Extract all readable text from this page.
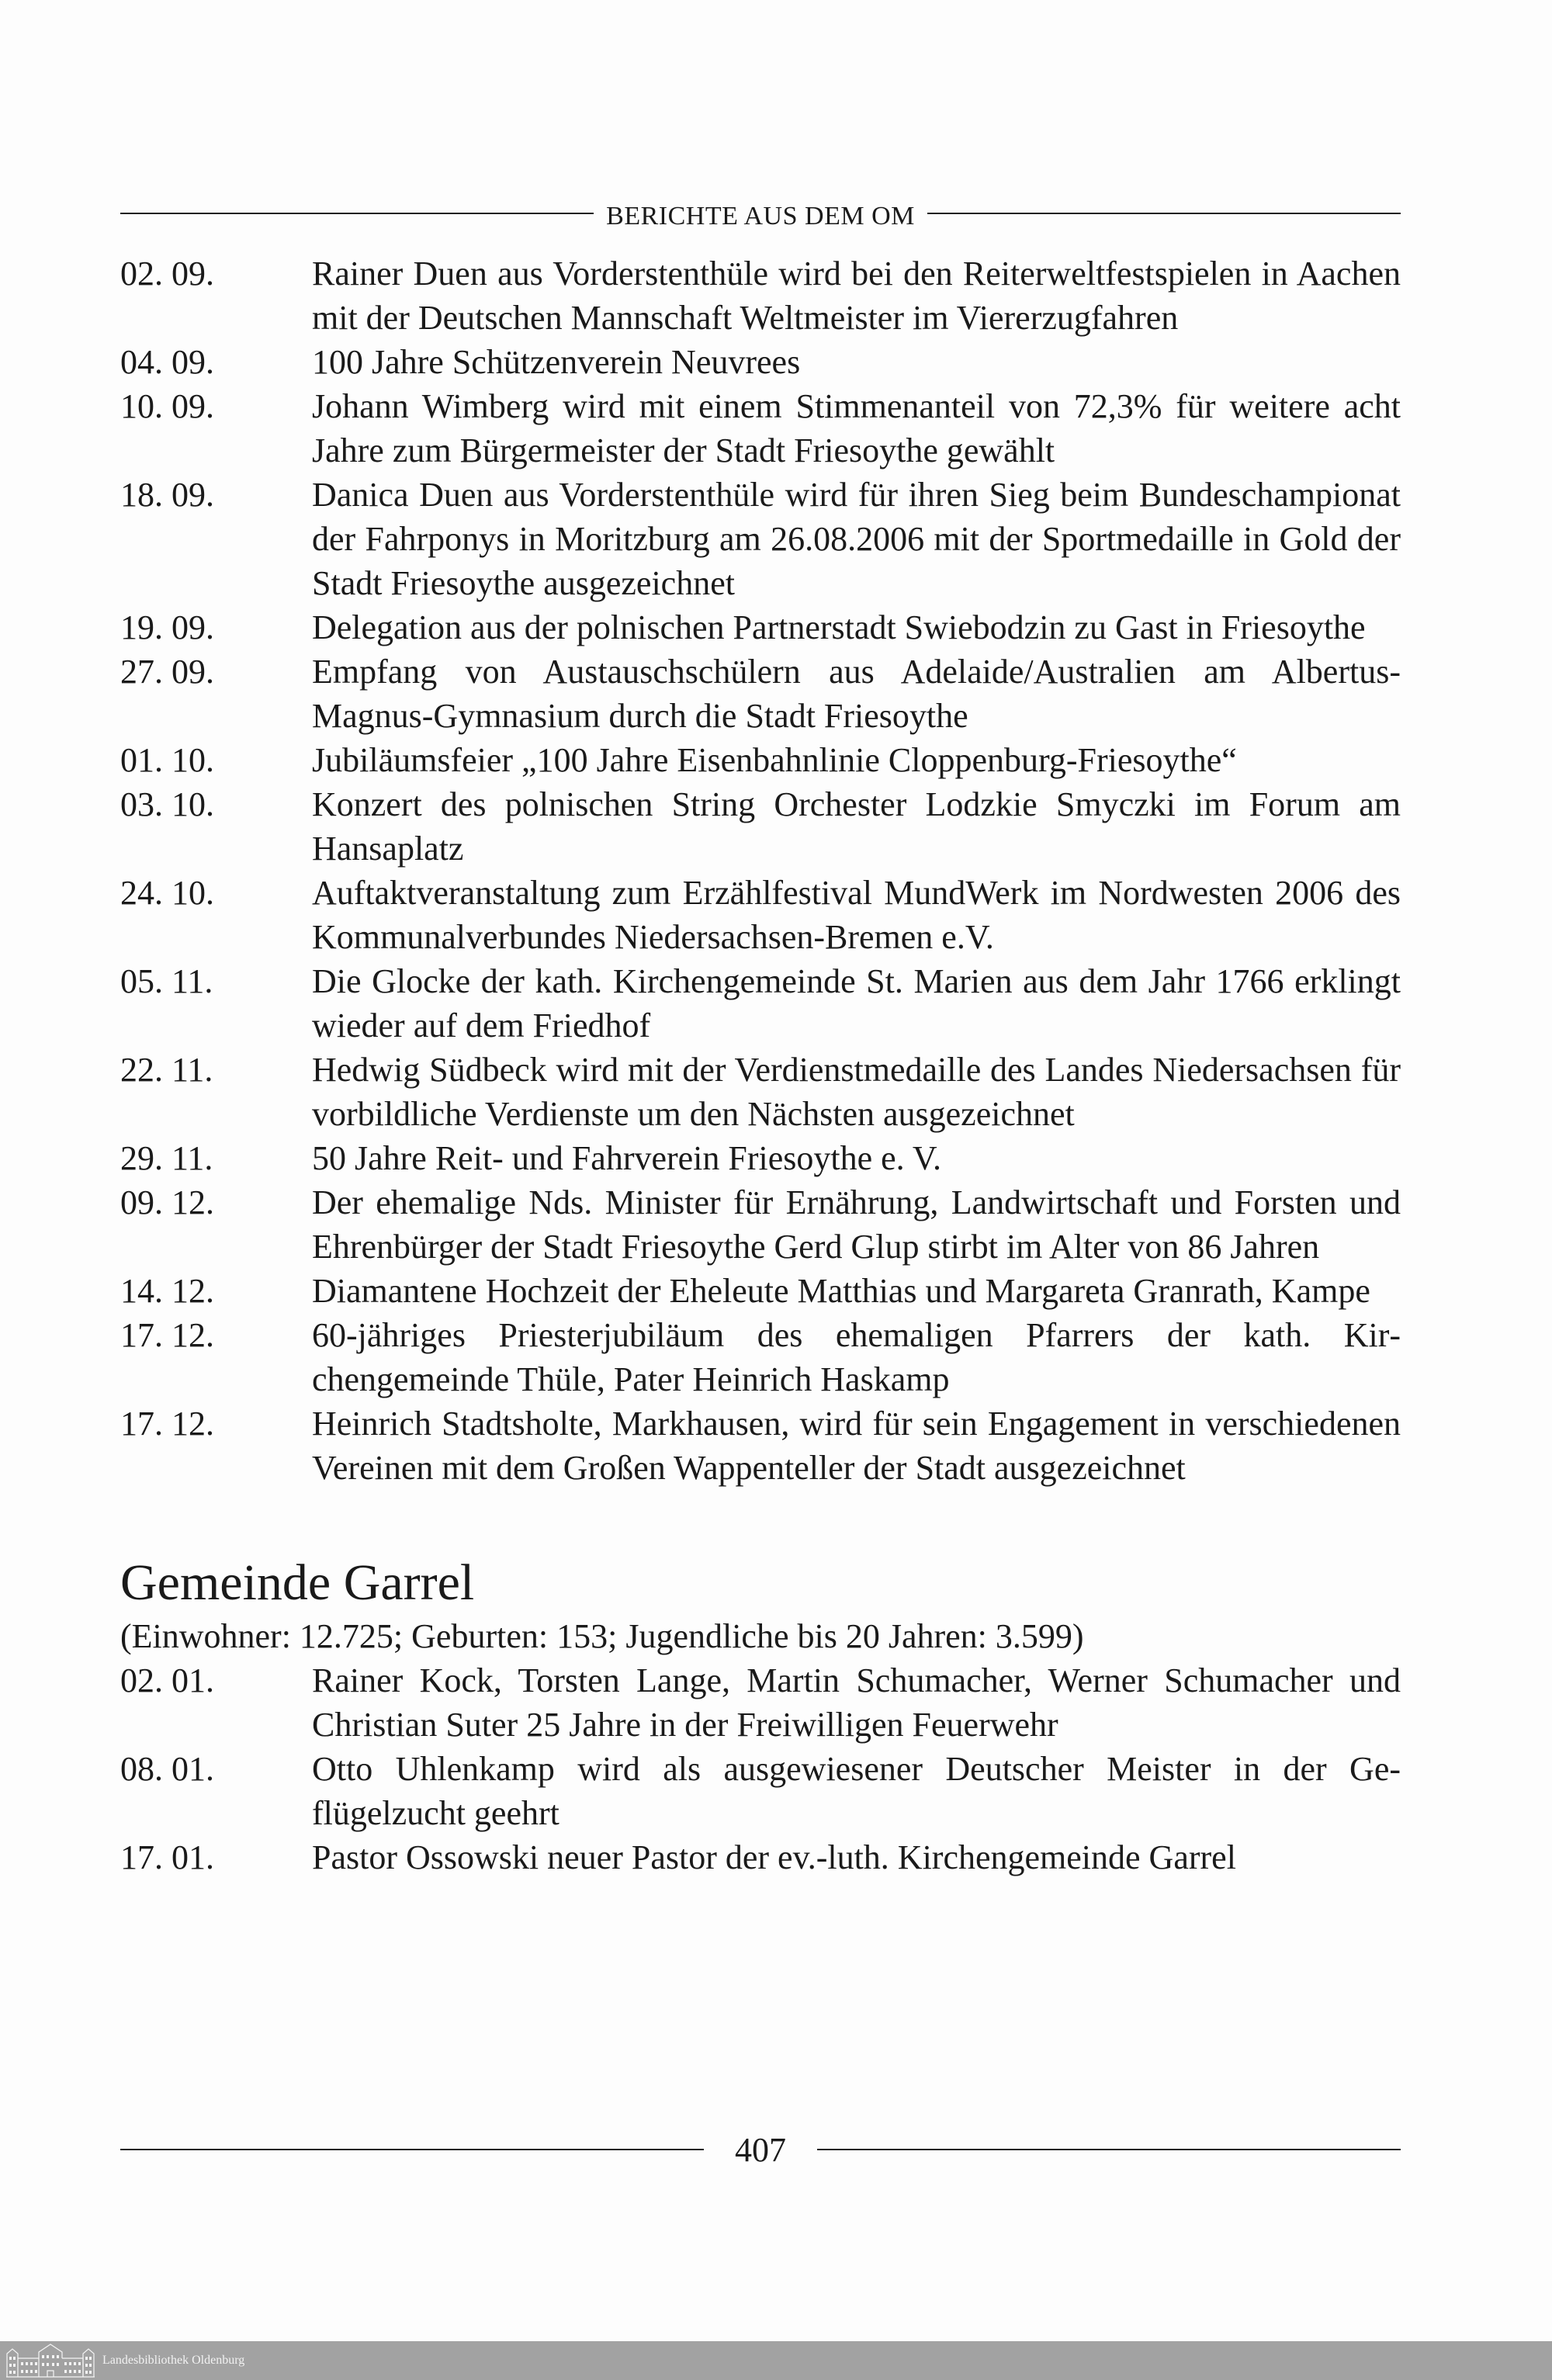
BERICHTE AUS DEM OM
02. 09.	Rainer Duen aus Vorderstenthüle wird bei den Reiterweltfestspielen in Aachen mit der Deutschen Mannschaft Weltmeister im Viererzugfahren
04. 09.	100 Jahre Schützenverein Neuvrees
10. 09.	Johann Wimberg wird mit einem Stimmenanteil von 72,3% für weitere acht Jahre zum Bürgermeister der Stadt Friesoythe gewählt
18. 09.	Danica Duen aus Vorderstenthüle wird für ihren Sieg beim Bundeschampionat der Fahrponys in Moritzburg am 26.08.2006 mit der Sportmedaille in Gold der Stadt Friesoythe ausgezeichnet
19. 09.	Delegation aus der polnischen Partnerstadt Swiebodzin zu Gast in Friesoythe
27. 09.	Empfang von Austauschschülern aus Adelaide/Australien am Albertus-Magnus-Gymnasium durch die Stadt Friesoythe
01. 10.	Jubiläumsfeier „100 Jahre Eisenbahnlinie Cloppenburg-Friesoythe“
03. 10.	Konzert des polnischen String Orchester Lodzkie Smyczki im Forum am Hansaplatz
24. 10.	Auftaktveranstaltung zum Erzählfestival MundWerk im Nordwesten 2006 des Kommunalverbundes Niedersachsen-Bremen e.V.
05. 11.	Die Glocke der kath. Kirchengemeinde St. Marien aus dem Jahr 1766 erklingt wieder auf dem Friedhof
22. 11.	Hedwig Südbeck wird mit der Verdienstmedaille des Landes Niedersachsen für vorbildliche Verdienste um den Nächsten ausgezeichnet
29. 11.	50 Jahre Reit- und Fahrverein Friesoythe e. V.
09. 12.	Der ehemalige Nds. Minister für Ernährung, Landwirtschaft und Forsten und Ehrenbürger der Stadt Friesoythe Gerd Glup stirbt im Alter von 86 Jahren
14. 12.	Diamantene Hochzeit der Eheleute Matthias und Margareta Granrath, Kampe
17. 12.	60-jähriges Priesterjubiläum des ehemaligen Pfarrers der kath. Kirchengemeinde Thüle, Pater Heinrich Haskamp
17. 12.	Heinrich Stadtsholte, Markhausen, wird für sein Engagement in verschiedenen Vereinen mit dem Großen Wappenteller der Stadt ausgezeichnet
Gemeinde Garrel
(Einwohner: 12.725; Geburten: 153; Jugendliche bis 20 Jahren: 3.599)
02. 01.	Rainer Kock, Torsten Lange, Martin Schumacher, Werner Schumacher und Christian Suter 25 Jahre in der Freiwilligen Feuerwehr
08. 01.	Otto Uhlenkamp wird als ausgewiesener Deutscher Meister in der Geflügelzucht geehrt
17. 01.	Pastor Ossowski neuer Pastor der ev.-luth. Kirchengemeinde Garrel
407
Landesbibliothek Oldenburg
